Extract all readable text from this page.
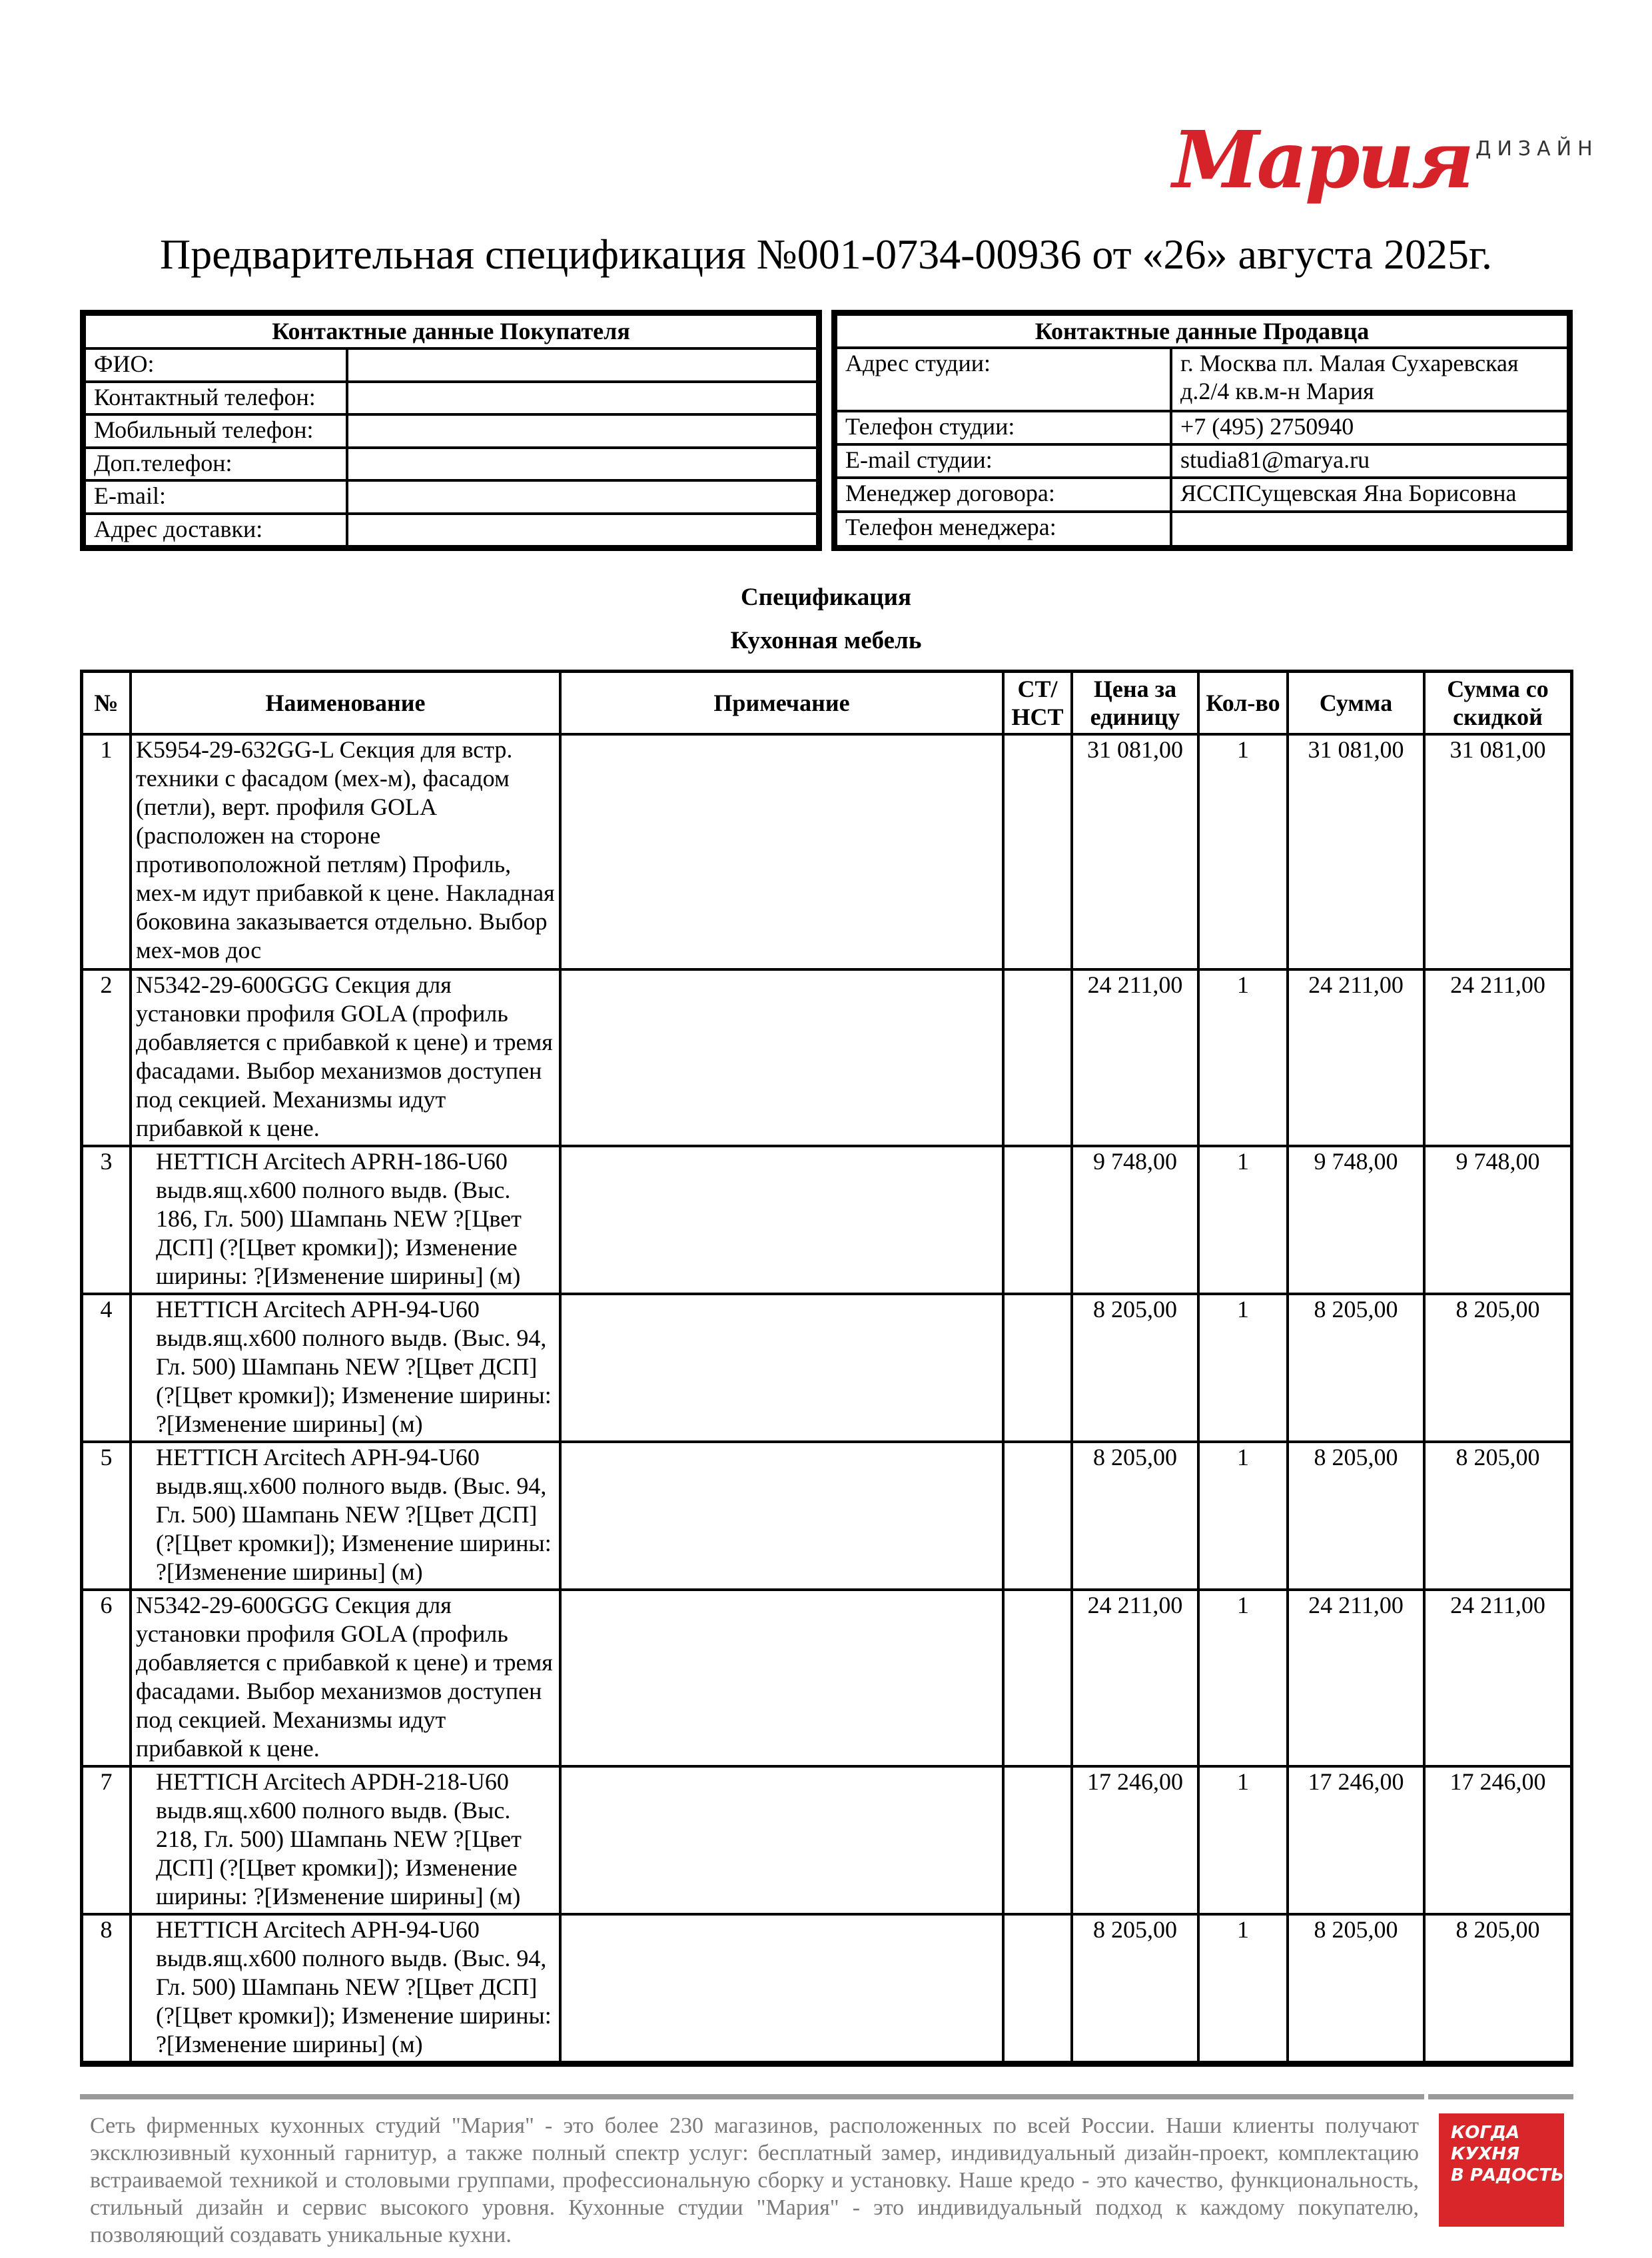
Мария ДИЗАЙН
Предварительная спецификация №001-0734-00936 от «26» августа 2025г.
Контактные данные Покупателя	
ФИО:	
Контактный телефон:	
Мобильный телефон:	
Доп.телефон:	
E-mail:	
Адрес доставки:	
Контактные данные Продавца	
Адрес студии:	г. Москва пл. Малая Сухаревская д.2/4 кв.м-н Мария
Телефон студии:	+7 (495) 2750940
E-mail студии:	studia81@marya.ru
Менеджер договора:	ЯССПСущевская Яна Борисовна
Телефон менеджера:	
Спецификация
Кухонная мебель
№	Наименование	Примечание	СТ/ НСТ	Цена за единицу	Кол-во	Сумма	Сумма со скидкой
1	K5954-29-632GG-L Секция для встр. техники с фасадом (мех-м), фасадом (петли), верт. профиля GOLA (расположен на стороне противоположной петлям) Профиль, мех-м идут прибавкой к цене. Накладная боковина заказывается отдельно. Выбор мех-мов дос			31 081,00	1	31 081,00	31 081,00
2	N5342-29-600GGG Секция для установки профиля GOLA (профиль добавляется с прибавкой к цене) и тремя фасадами. Выбор механизмов доступен под секцией. Механизмы идут прибавкой к цене.			24 211,00	1	24 211,00	24 211,00
3	HETTICH Arcitech APRH-186-U60 выдв.ящ.x600 полного выдв. (Выс. 186, Гл. 500) Шампань NEW ?[Цвет ДСП] (?[Цвет кромки]); Изменение ширины: ?[Изменение ширины] (м)			9 748,00	1	9 748,00	9 748,00
4	HETTICH Arcitech APH-94-U60 выдв.ящ.x600 полного выдв. (Выс. 94, Гл. 500) Шампань NEW ?[Цвет ДСП] (?[Цвет кромки]); Изменение ширины: ?[Изменение ширины] (м)			8 205,00	1	8 205,00	8 205,00
5	HETTICH Arcitech APH-94-U60 выдв.ящ.x600 полного выдв. (Выс. 94, Гл. 500) Шампань NEW ?[Цвет ДСП] (?[Цвет кромки]); Изменение ширины: ?[Изменение ширины] (м)			8 205,00	1	8 205,00	8 205,00
6	N5342-29-600GGG Секция для установки профиля GOLA (профиль добавляется с прибавкой к цене) и тремя фасадами. Выбор механизмов доступен под секцией. Механизмы идут прибавкой к цене.			24 211,00	1	24 211,00	24 211,00
7	HETTICH Arcitech APDH-218-U60 выдв.ящ.x600 полного выдв. (Выс. 218, Гл. 500) Шампань NEW ?[Цвет ДСП] (?[Цвет кромки]); Изменение ширины: ?[Изменение ширины] (м)			17 246,00	1	17 246,00	17 246,00
8	HETTICH Arcitech APH-94-U60 выдв.ящ.x600 полного выдв. (Выс. 94, Гл. 500) Шампань NEW ?[Цвет ДСП] (?[Цвет кромки]); Изменение ширины: ?[Изменение ширины] (м)			8 205,00	1	8 205,00	8 205,00
Сеть фирменных кухонных студий "Мария" - это более 230 магазинов, расположенных по всей России. Наши клиенты получают эксклюзивный кухонный гарнитур, а также полный спектр услуг: бесплатный замер, индивидуальный дизайн-проект, комплектацию встраиваемой техникой и столовыми группами, профессиональную сборку и установку. Наше кредо - это качество, функциональность, стильный дизайн и сервис высокого уровня. Кухонные студии "Мария" - это индивидуальный подход к каждому покупателю, позволяющий создавать уникальные кухни.
КОГДА
КУХНЯ
В РАДОСТЬ
